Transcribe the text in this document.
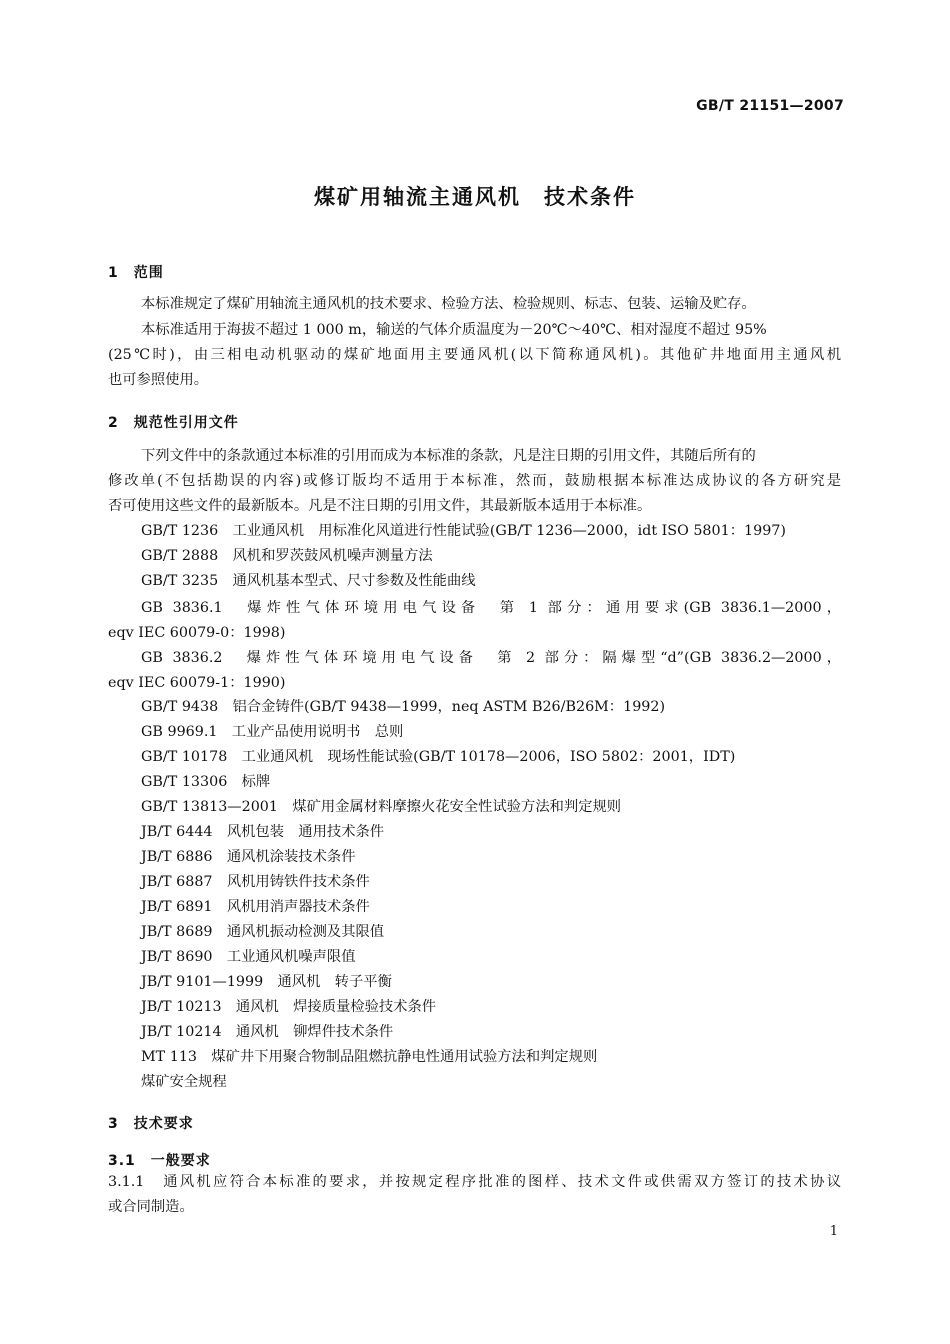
GB/T 21151—2007
煤矿用轴流主通风机　技术条件
1　范围
本标准规定了煤矿用轴流主通风机的技术要求、检验方法、检验规则、标志、包装、运输及贮存。
本标准适用于海拔不超过 1 000 m，输送的气体介质温度为－20℃～40℃、相对湿度不超过 95%
(25℃时)，由三相电动机驱动的煤矿地面用主要通风机(以下简称通风机)。其他矿井地面用主通风机
也可参照使用。
2　规范性引用文件
下列文件中的条款通过本标准的引用而成为本标准的条款，凡是注日期的引用文件，其随后所有的
修改单(不包括勘误的内容)或修订版均不适用于本标准，然而，鼓励根据本标准达成协议的各方研究是
否可使用这些文件的最新版本。凡是不注日期的引用文件，其最新版本适用于本标准。
GB/T 1236　工业通风机　用标准化风道进行性能试验(GB/T 1236—2000，idt ISO 5801：1997)
GB/T 2888　风机和罗茨鼓风机噪声测量方法
GB/T 3235　通风机基本型式、尺寸参数及性能曲线
GB 3836.1　爆炸性气体环境用电气设备　第 1 部分：通用要求(GB 3836.1—2000，
eqv IEC 60079-0：1998)
GB 3836.2　爆炸性气体环境用电气设备　第 2 部分：隔爆型“d”(GB 3836.2—2000，
eqv IEC 60079-1：1990)
GB/T 9438　铝合金铸件(GB/T 9438—1999，neq ASTM B26/B26M：1992)
GB 9969.1　工业产品使用说明书　总则
GB/T 10178　工业通风机　现场性能试验(GB/T 10178—2006，ISO 5802：2001，IDT)
GB/T 13306　标牌
GB/T 13813—2001　煤矿用金属材料摩擦火花安全性试验方法和判定规则
JB/T 6444　风机包装　通用技术条件
JB/T 6886　通风机涂装技术条件
JB/T 6887　风机用铸铁件技术条件
JB/T 6891　风机用消声器技术条件
JB/T 8689　通风机振动检测及其限值
JB/T 8690　工业通风机噪声限值
JB/T 9101—1999　通风机　转子平衡
JB/T 10213　通风机　焊接质量检验技术条件
JB/T 10214　通风机　铆焊件技术条件
MT 113　煤矿井下用聚合物制品阻燃抗静电性通用试验方法和判定规则
煤矿安全规程
3　技术要求
3.1　一般要求
3.1.1　通风机应符合本标准的要求，并按规定程序批准的图样、技术文件或供需双方签订的技术协议
或合同制造。
1
